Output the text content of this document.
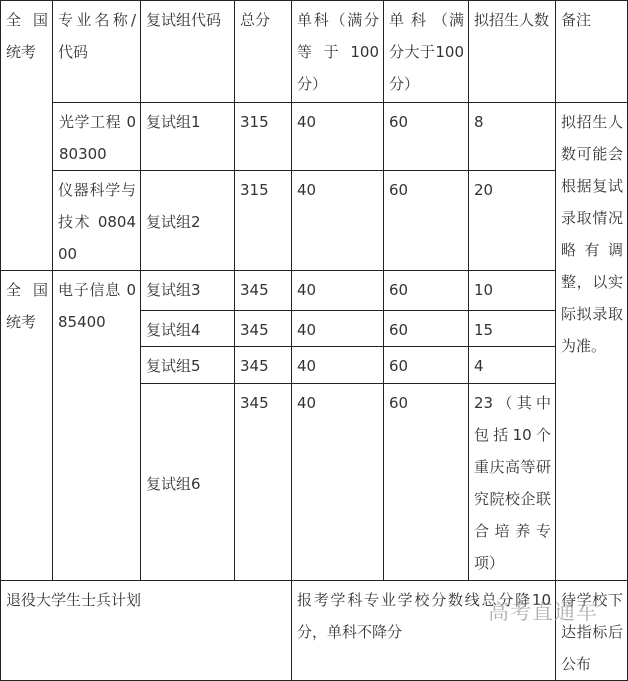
全 国统考	专业名称/代码	复试组代码	总分	单科（满分等 于 100分）	单 科 （满分大于100分）	拟招生人数	备注	
	光学工程 080300	复试组1	315	40	60	8	拟招生人数可能会根据复试录取情况略 有 调整，以实际拟录取为准。	
	仪器科学与技术 080400	复试组2	315	40	60	20		
全 国统考	电子信息 085400	复试组3	345	40	60	10		
		复试组4	345	40	60	15		
		复试组5	345	40	60	4		
		复试组6	345	40	60	23（其中包括10个重庆高等研究院校企联合培养专项）		
退役大学生士兵计划				报考学科专业学校分数线总分降10分，单科不降分			待学校下达指标后公布	
高考直通车
